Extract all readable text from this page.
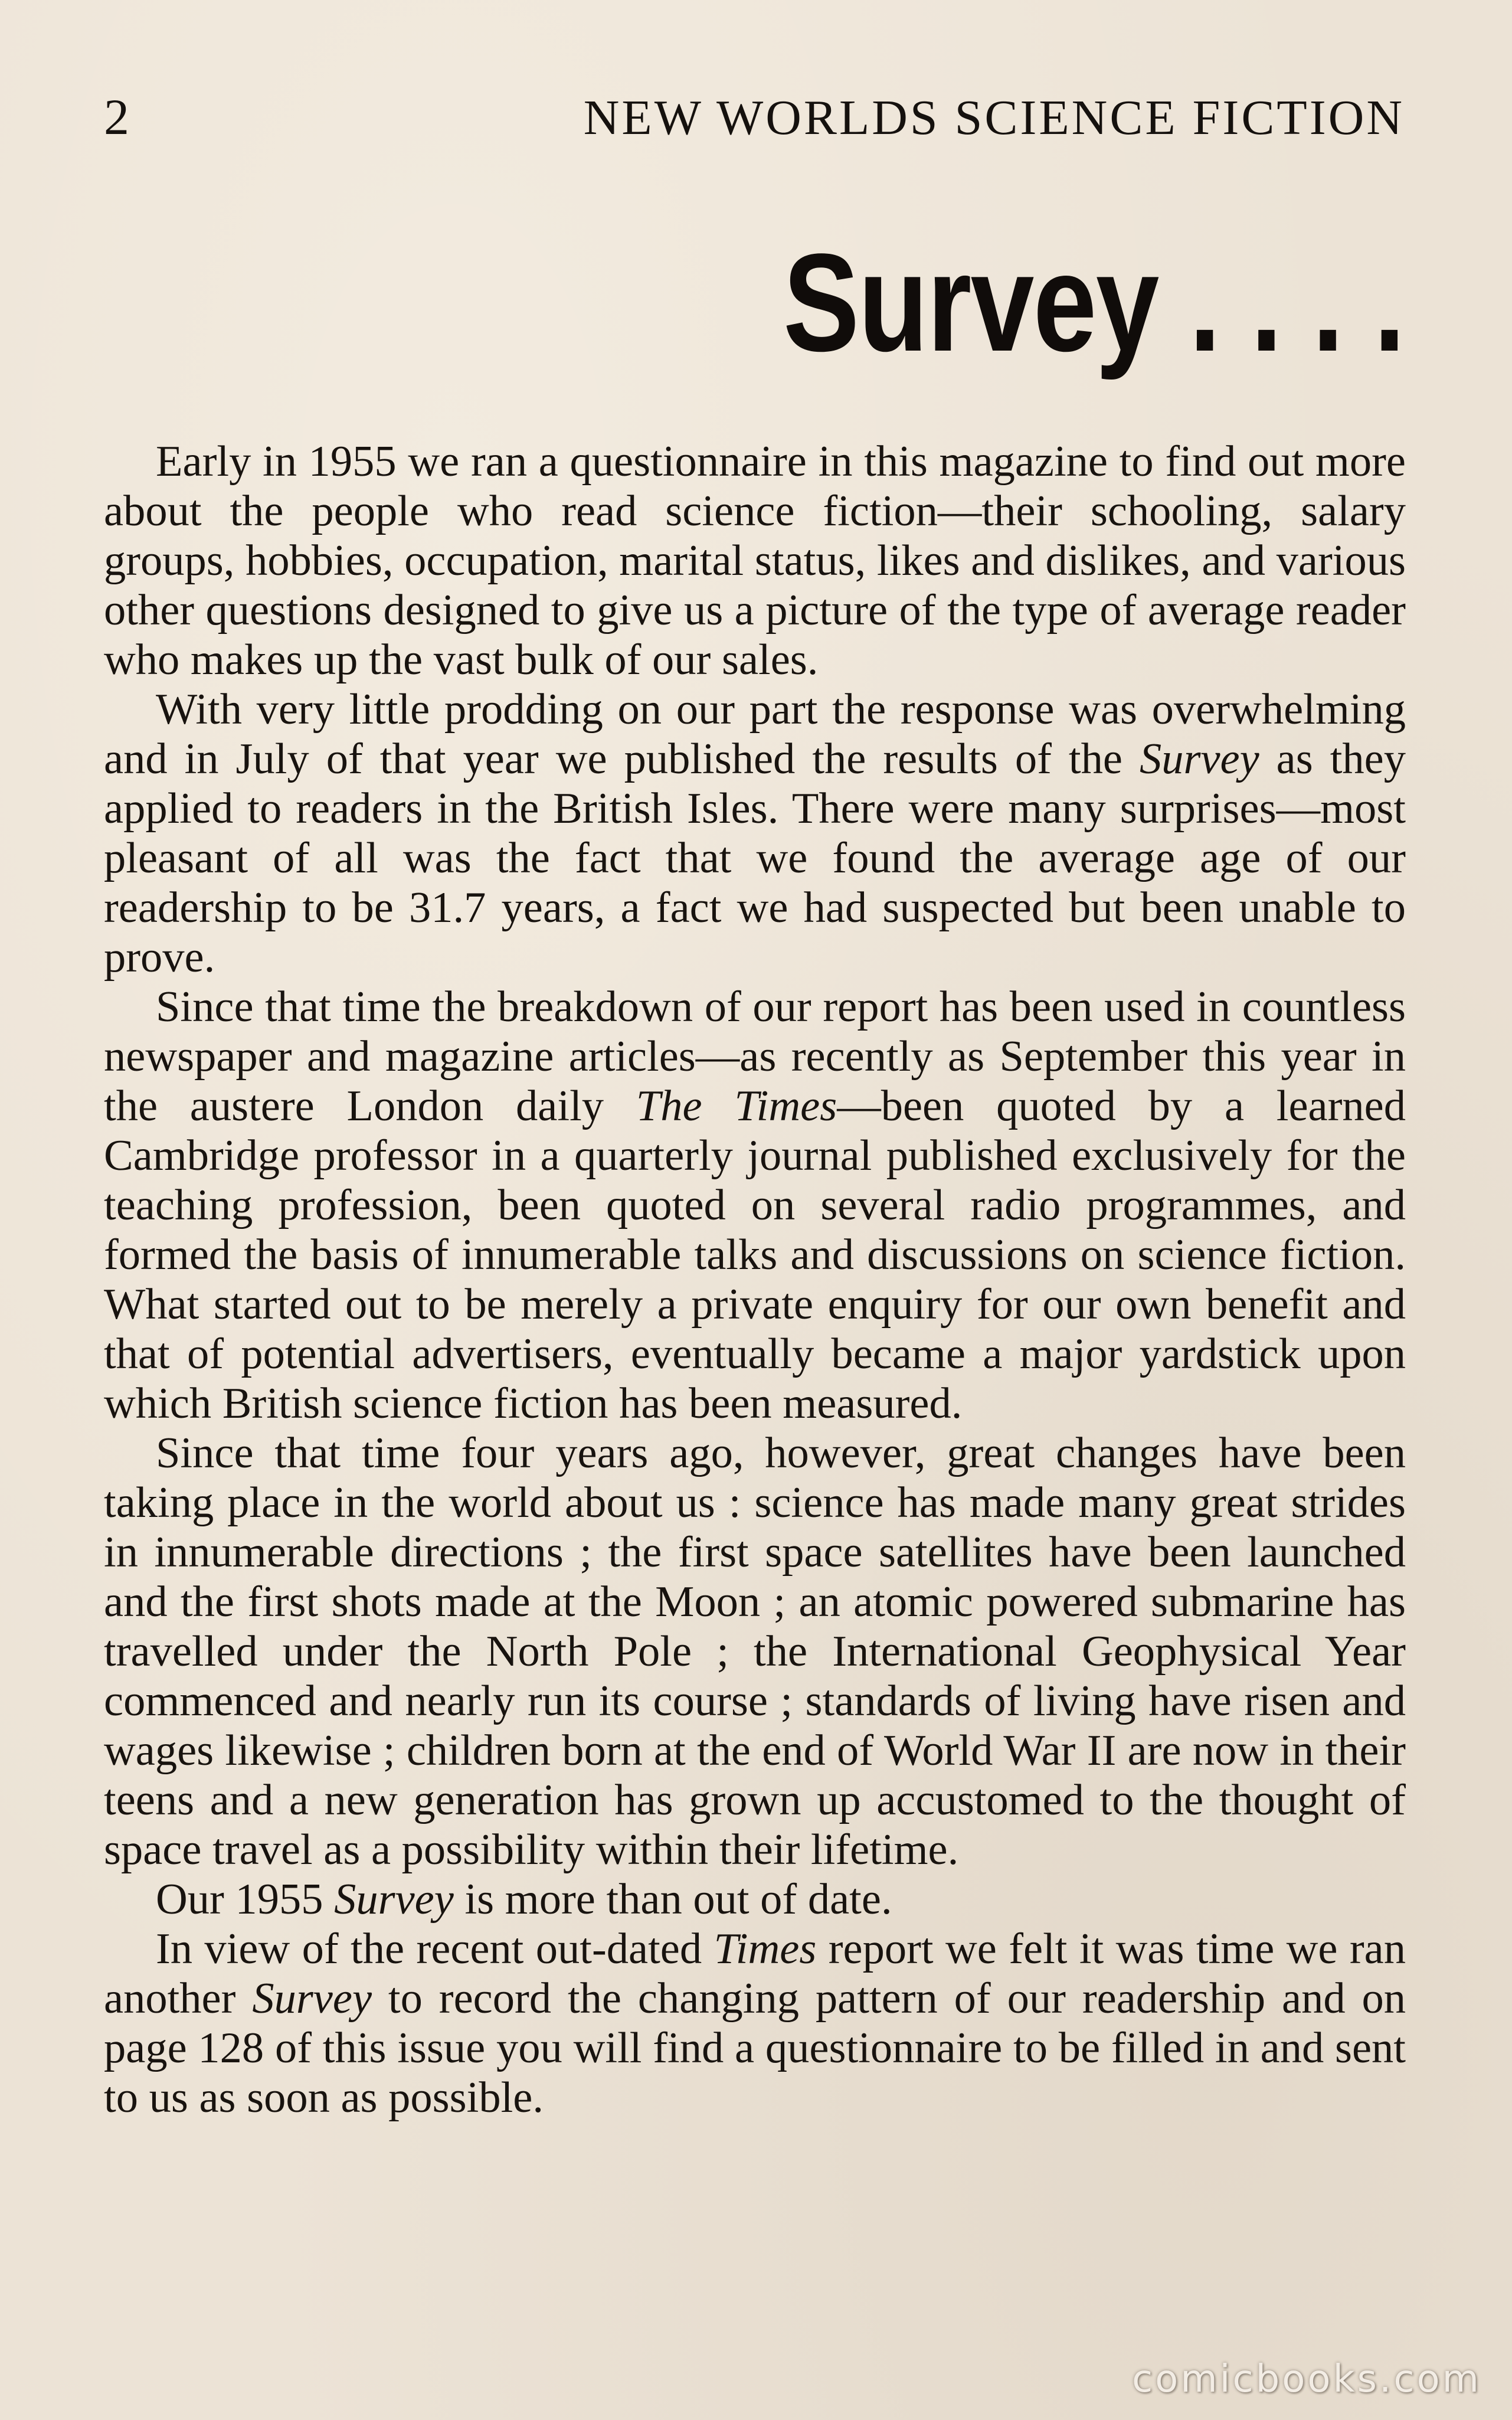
2	NEW WORLDS SCIENCE FICTION
Survey . . . .

Early in 1955 we ran a questionnaire in this magazine to find out more about the people who read science fiction—their schooling, salary groups, hobbies, occupation, marital status, likes and dislikes, and various other questions designed to give us a picture of the type of average reader who makes up the vast bulk of our sales.

With very little prodding on our part the response was overwhelming and in July of that year we published the results of the Survey as they applied to readers in the British Isles. There were many surprises—most pleasant of all was the fact that we found the average age of our readership to be 31.7 years, a fact we had suspected but been unable to prove.

Since that time the breakdown of our report has been used in countless newspaper and magazine articles—as recently as September this year in the austere London daily The Times—been quoted by a learned Cambridge professor in a quarterly journal published exclusively for the teaching profession, been quoted on several radio programmes, and formed the basis of innumerable talks and discussions on science fiction. What started out to be merely a private enquiry for our own benefit and that of potential advertisers, eventually became a major yardstick upon which British science fiction has been measured.

Since that time four years ago, however, great changes have been taking place in the world about us : science has made many great strides in innumerable directions ; the first space satellites have been launched and the first shots made at the Moon ; an atomic powered submarine has travelled under the North Pole ; the International Geophysical Year commenced and nearly run its course ; standards of living have risen and wages likewise ; children born at the end of World War II are now in their teens and a new generation has grown up accustomed to the thought of space travel as a possibility within their lifetime.

Our 1955 Survey is more than out of date.

In view of the recent out-dated Times report we felt it was time we ran another Survey to record the changing pattern of our readership and on page 128 of this issue you will find a questionnaire to be filled in and sent to us as soon as possible.

comicbooks.com
